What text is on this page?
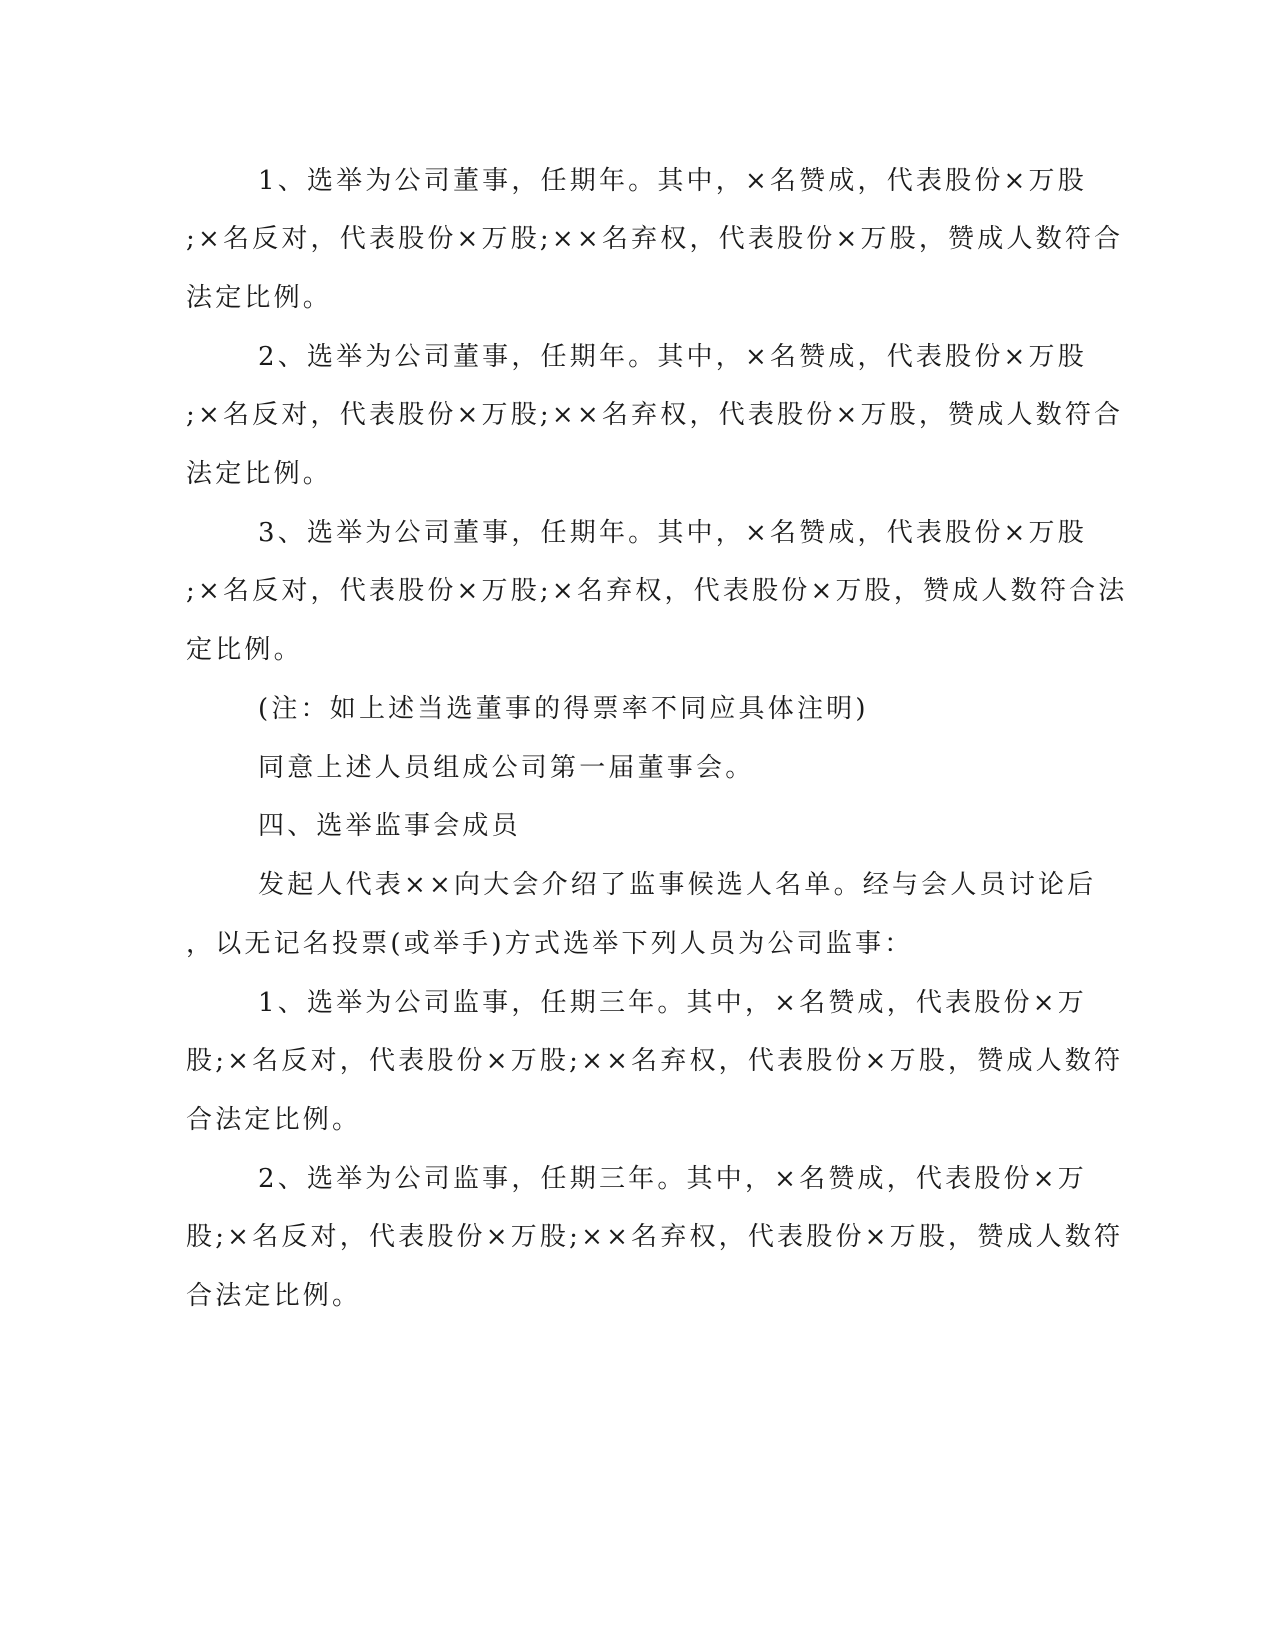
1、选举为公司董事，任期年。其中，×名赞成，代表股份×万股

;×名反对，代表股份×万股;××名弃权，代表股份×万股，赞成人数符合

法定比例。

2、选举为公司董事，任期年。其中，×名赞成，代表股份×万股

;×名反对，代表股份×万股;××名弃权，代表股份×万股，赞成人数符合

法定比例。

3、选举为公司董事，任期年。其中，×名赞成，代表股份×万股

;×名反对，代表股份×万股;×名弃权，代表股份×万股，赞成人数符合法

定比例。

(注：如上述当选董事的得票率不同应具体注明)

同意上述人员组成公司第一届董事会。

四、选举监事会成员

发起人代表××向大会介绍了监事候选人名单。经与会人员讨论后

，以无记名投票(或举手)方式选举下列人员为公司监事：

1、选举为公司监事，任期三年。其中，×名赞成，代表股份×万

股;×名反对，代表股份×万股;××名弃权，代表股份×万股，赞成人数符

合法定比例。

2、选举为公司监事，任期三年。其中，×名赞成，代表股份×万

股;×名反对，代表股份×万股;××名弃权，代表股份×万股，赞成人数符

合法定比例。
